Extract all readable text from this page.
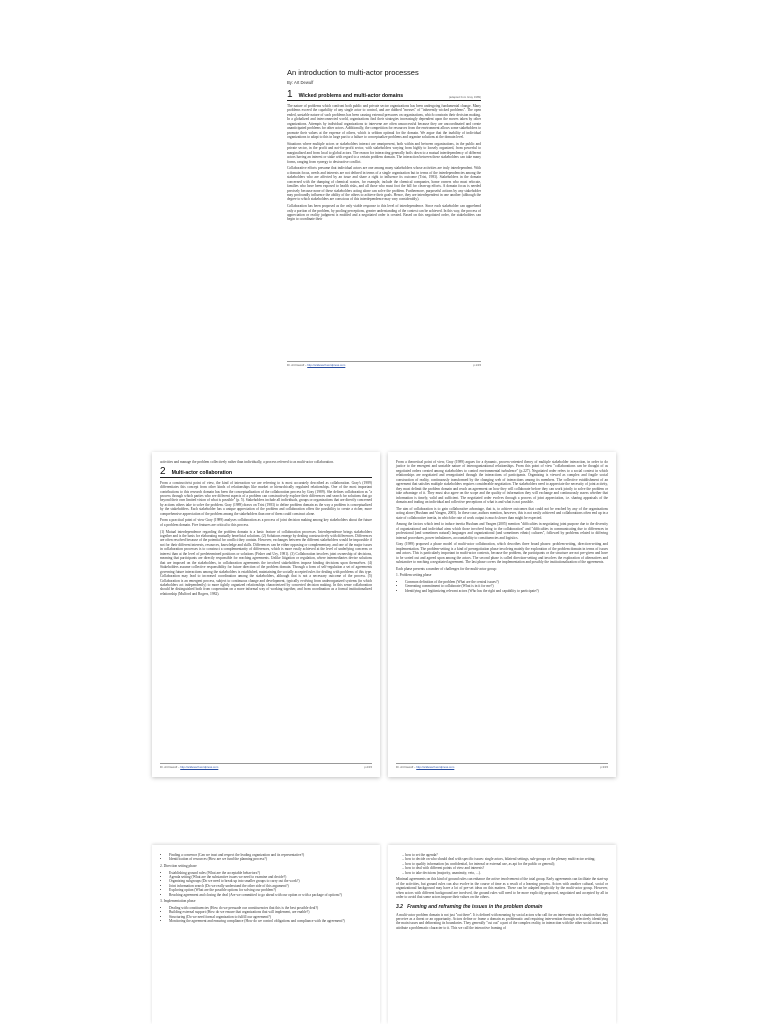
An introduction to multi-actor processes
By: Art Dewulf
1 Wicked problems and multi-actor domains	(adapted from Gray 1989)

The nature of problems which confront both public and private sector organizations has been undergoing fundamental change. Many problems exceed the capability of any single actor to control, and are dubbed "messes" of "inherently wicked problems". The open ended, unstable nature of such problems has been causing external pressures on organizations, which constrain their decision making. In a globalized and interconnected world, organizations find their strategies increasingly dependent upon the moves taken by other organizations. Attempts by individual organizations to intervene are often unsuccessful because they are uncoordinated and create unanticipated problems for other actors. Additionally, the competition for resources from the environment allows some stakeholders to promote their values at the expense of others, which is seldom optimal for the domain. We argue that the inability of individual organizations to adapt to this in large part to a failure to conceptualize problems and organize solutions at the domain level.

Situations where multiple actors or stakeholders interact are omnipresent, both within and between organizations, in the public and private sector, in the profit and not-for-profit sector, with stakeholders varying from highly to loosely organized, from powerful to marginalized and from local to global actors. The reason for interacting generally boils down to a mutual interdependency of different actors having an interest or stake with regard to a certain problem domain. The interaction between these stakeholders can take many forms, ranging from synergy to destructive conflict.

Collaborative efforts presume that individual actors are one among many stakeholders whose activities are truly interdependent. With a domain focus, needs and interests are not defined in terms of a single organization but in terms of the interdependencies among the stakeholders who are affected by an issue and share a right to influence its outcome (Trist, 1983). Stakeholders in the domain concerned with the dumping of chemical wastes, for example, include the chemical companies, home owners who must relocate, families who have been exposed to health risks, and all those who must foot the bill for clean-up efforts. A domain focus is needed precisely because none of these stakeholders acting alone can solve the problem. Furthermore, purposeful actions by any stakeholder may profoundly influence the ability of the others to achieve their goals. Hence, they are interdependent in one another (although the degree to which stakeholders are conscious of this interdependence may vary considerably).

Collaboration has been proposed as the only viable response to this level of interdependence. Since each stakeholder can apprehend only a portion of the problem, by pooling perceptions, greater understanding of the context can be achieved. In this way, the process of appreciation or reality judgment is enabled and a negotiated order is created. Based on this negotiated order, the stakeholders can begin to coordinate their

Dr. Art Dewulf – http://artdewulf.wordpress.com	p.1/15

activities and manage the problem collectively rather than individually, a process referred to as multi-actor collaboration.

2 Multi-actor collaboration

From a constructivist point of view, the kind of interaction we are referring to is most accurately described as collaboration. Gray's (1989) differentiates this concept from other kinds of relationships like market or hierarchically regulated relationships. One of the most important contributions to this research domain has been the conceptualization of the collaboration process by Gray (1989). She defines collaboration as "a process through which parties who see different aspects of a problem can constructively explore their differences and search for solutions that go beyond their own limited vision of what is possible" (p. 5). Stakeholders include all individuals, groups or organizations that are directly concerned by actions others take to solve the problem. Gray (1989) draws on Trist (1983) to define problem domain as the way a problem is conceptualized by the stakeholders. Each stakeholder has a unique appreciation of the problem and collaboration offers the possibility to create a richer, more comprehensive appreciation of the problem among the stakeholders than one of them could construct alone.

From a practical point of view Gray (1989) analyses collaboration as a process of joint decision making among key stakeholders about the future of a problem domain. Five features are critical to this process.

(1) Mutual interdependence regarding the problem domain is a basic feature of collaboration processes. Interdependence brings stakeholders together and is the basis for elaborating mutually beneficial solutions. (2) Solutions emerge by dealing constructively with differences. Differences are often resolved because of the potential for conflict they contain. However, exchanges between the different stakeholders would be impossible if not for their different interests, resources, knowledge and skills. Differences can be either opposing or complementary, and one of the major issues in collaboration processes is to construct a complementarity of differences, which is more easily achieved at the level of underlying concerns or interest than at the level of predetermined positions or solutions (Fisher and Ury, 1981). (3) Collaboration involves joint ownership of decisions, meaning that participants are directly responsible for reaching agreements. Unlike litigation or regulation, where intermediaries devise solutions that are imposed on the stakeholders, in collaboration agreements the involved stakeholders impose binding decisions upon themselves. (4) Stakeholders assume collective responsibility for future direction of the problem domain. Through a form of self-regulation a set of agreements governing future interactions among the stakeholders is established, maintaining the socially accepted rules for dealing with problems of this type. Collaboration may lead to increased coordination among the stakeholders, although that is not a necessary outcome of the process. (5) Collaboration is an emergent process, subject to continuous change and development, typically evolving from underorganized systems (in which stakeholders act independently) to more tightly organized relationships characterized by concerted decision making. In this sense collaboration should be distinguished both from cooperation on a more informal way of working together, and from coordination as a formal institutionalized relationship (Mulford and Rogers, 1982).

Dr. Art Dewulf – http://artdewulf.wordpress.com	p.2/15

From a theoretical point of view, Gray (1989) argues for a dynamic, process-oriented theory of multiple stakeholder interaction, in order to do justice to the emergent and unstable nature of interorganizational relationships. From this point of view "collaborations can be thought of as negotiated orders created among stakeholders to control environmental turbulence" (p.227). Negotiated order refers to a social context in which relationships are negotiated and renegotiated through the interactions of participants. Organizing is viewed as complex and fragile social construction of reality, continuously transformed by the changing web of interactions among its members. The collective establishment of an agreement that satisfies multiple stakeholders requires considerable negotiation. The stakeholders need to appreciate the necessity of joint activity, they must delimit the problem domain and reach an agreement on how they will collaborate before they can work jointly to solve the problem or take advantage of it. They must also agree on the scope and the quality of information they will exchange and continuously assess whether that information is timely, valid and sufficient. The negotiated order evolves through a process of joint appreciation, i.e. sharing appraisals of the domain and trading on individual and collective perceptions of what is and what is not possible.

The aim of collaboration is to gain collaborative advantage, that is, to achieve outcomes that could not be reached by any of the organizations acting alone (Huxham and Vangen, 2005). In these case, authors mention, however, this is not easily achieved and collaborations often end up in a state of collaborative inertia, in which the rate of work output is much slower than might be expected.

Among the factors which tend to induce inertia Huxham and Vangen (2005) mention "difficulties in negotiating joint purpose due to the diversity of organizational and individual aims which those involved bring to the collaboration" and "difficulties in communicating due to differences in professional (and sometimes natural) languages and organizational (and sometimes ethnic) cultures", followed by problems related to differing internal procedures, power imbalances, accountability to constituencies and logistics.

Gray (1989) proposed a phase model of multi-actor collaboration, which describes three broad phases: problem-setting, direction-setting and implementation. The problem-setting is a kind of prenegotiation phase involving mainly the exploration of the problem domain in terms of issues and actors. This is particularly important in multi-actor contexts, because the problem, the participants or the structure are not pre-given and have to be sorted out and agreed upon among the actors. The second phase is called direction-setting and involves the exploration of alternatives and substantive to reaching a negotiated agreement. The last phase covers the implementation and possibly the institutionalization of the agreements.

Each phase presents a number of challenges for the multi-actor group:

1. Problem setting phase
• Common definition of the problem (What are the central issues?)
• Generating commitment to collaborate (What is in it for me?)
• Identifying and legitimizing relevant actors (Who has the right and capability to participate?)
Dr. Art Dewulf – http://artdewulf.wordpress.com	p.3/15
• Finding a convenor (Can we trust and respect the leading organization and its representative?)
• Identification of resources (How are we fund the planning process?)
2. Direction setting phase
• Establishing ground rules (What are the acceptable behaviors?)
• Agenda setting (What are the substantive issues we need to examine and decide?)
• Organizing subgroups (Do we need to break up into smaller groups to carry out the work?)
• Joint information search (Do we really understand the other side of this argument?)
• Exploring option (What are the possible options for solving our problem?)
• Reaching agreement and closing the deal (Are we committed to go ahead with our option or with a package of options?)
3. Implementation phase
• Dealing with constituencies (How do we persuade our constituencies that this is the best possible deal?)
• Building external support (How do we ensure that organizations that will implement, are enable?)
• Structuring (Do we need formal organization to fulfill our agreement?)
• Monitoring the agreement and ensuring compliance (How do we control obligations and compliance with the agreement?)
– how to set the agenda?
– how to decide on who should deal with specific issues: single actors, bilateral settings, sub-groups or the plenary multi-actor setting;
– how to qualify information (as confidential, for internal or external use, as apt for the public or general);
– how to deal with different points of view and interests?
– how to take decisions (majority, unanimity, veto, ...).

Minimal agreements on this kind of ground rules can enhance the active involvement of the total group. Early agreements can facilitate the start-up of the activities, but ground rules can also evolve in the course of time as a result of a learning process. Actors with another cultural, social or organizational background may have a lot of pre-set ideas on this matters. These can be adapted implicitly by the multi-actor group. However, when actors with different background are involved, the ground rules will need to be more explicitly proposed, negotiated and accepted by all in order to avoid that some actors impose their values on the others.

3.2 Framing and reframing the issues in the problem domain

A multi-actor problem domain is not just "out there". It is defined with meaning by social actors who call for an intervention in a situation that they perceive as a threat or an opportunity. Actors define or frame a domain as problematic and requiring intervention through selectively identifying the main issues and delineating its boundaries. They generally "cut out" a part of the complex reality, in interaction with the other social actors, and attribute a problematic character to it. This we call the interactive framing of
